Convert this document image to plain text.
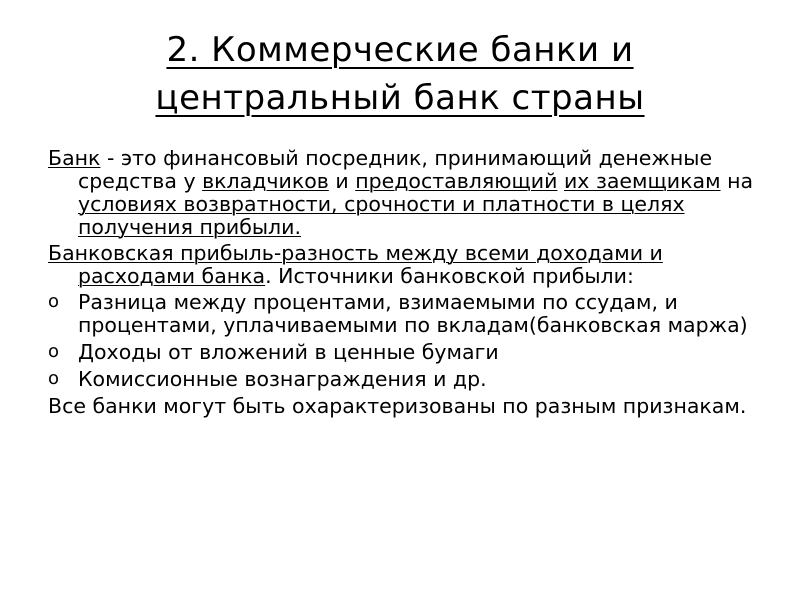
2. Коммерческие банки и
центральный банк страны

Банк - это финансовый посредник, принимающий денежные средства у вкладчиков и предоставляющий их заемщикам на условиях возвратности, срочности и платности в целях получения прибыли.

Банковская прибыль-разность между всеми доходами и расходами банка. Источники банковской прибыли:

o Разница между процентами, взимаемыми по ссудам, и процентами, уплачиваемыми по вкладам(банковская маржа)
o Доходы от вложений в ценные бумаги
o Комиссионные вознаграждения и др.

Все банки могут быть охарактеризованы по разным признакам.
